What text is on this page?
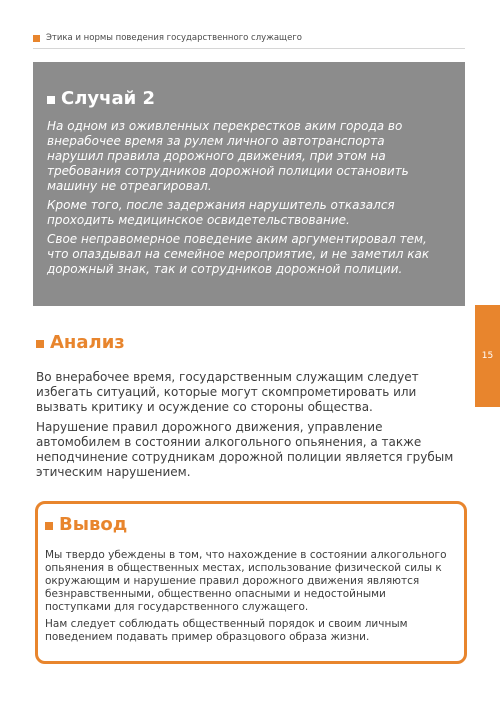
Этика и нормы поведения государственного служащего
Случай 2

На одном из оживленных перекрестков аким города во внерабочее время за рулем личного автотранспорта нарушил правила дорожного движения, при этом на требования сотрудников дорожной полиции остановить машину не отреагировал.

Кроме того, после задержания нарушитель отказался проходить медицинское освидетельствование.

Свое неправомерное поведение аким аргументировал тем, что опаздывал на семейное мероприятие, и не заметил как дорожный знак, так и сотрудников дорожной полиции.

15
Анализ

Во внерабочее время, государственным служащим следует избегать ситуаций, которые могут скомпрометировать или вызвать критику и осуждение со стороны общества.

Нарушение правил дорожного движения, управление автомобилем в состоянии алкогольного опьянения, а также неподчинение сотрудникам дорожной полиции является грубым этическим нарушением.

Вывод

Мы твердо убеждены в том, что нахождение в состоянии алкогольного опьянения в общественных местах, использование физической силы к окружающим и нарушение правил дорожного движения являются безнравственными, общественно опасными и недостойными поступками для государственного служащего.

Нам следует соблюдать общественный порядок и своим личным поведением подавать пример образцового образа жизни.
